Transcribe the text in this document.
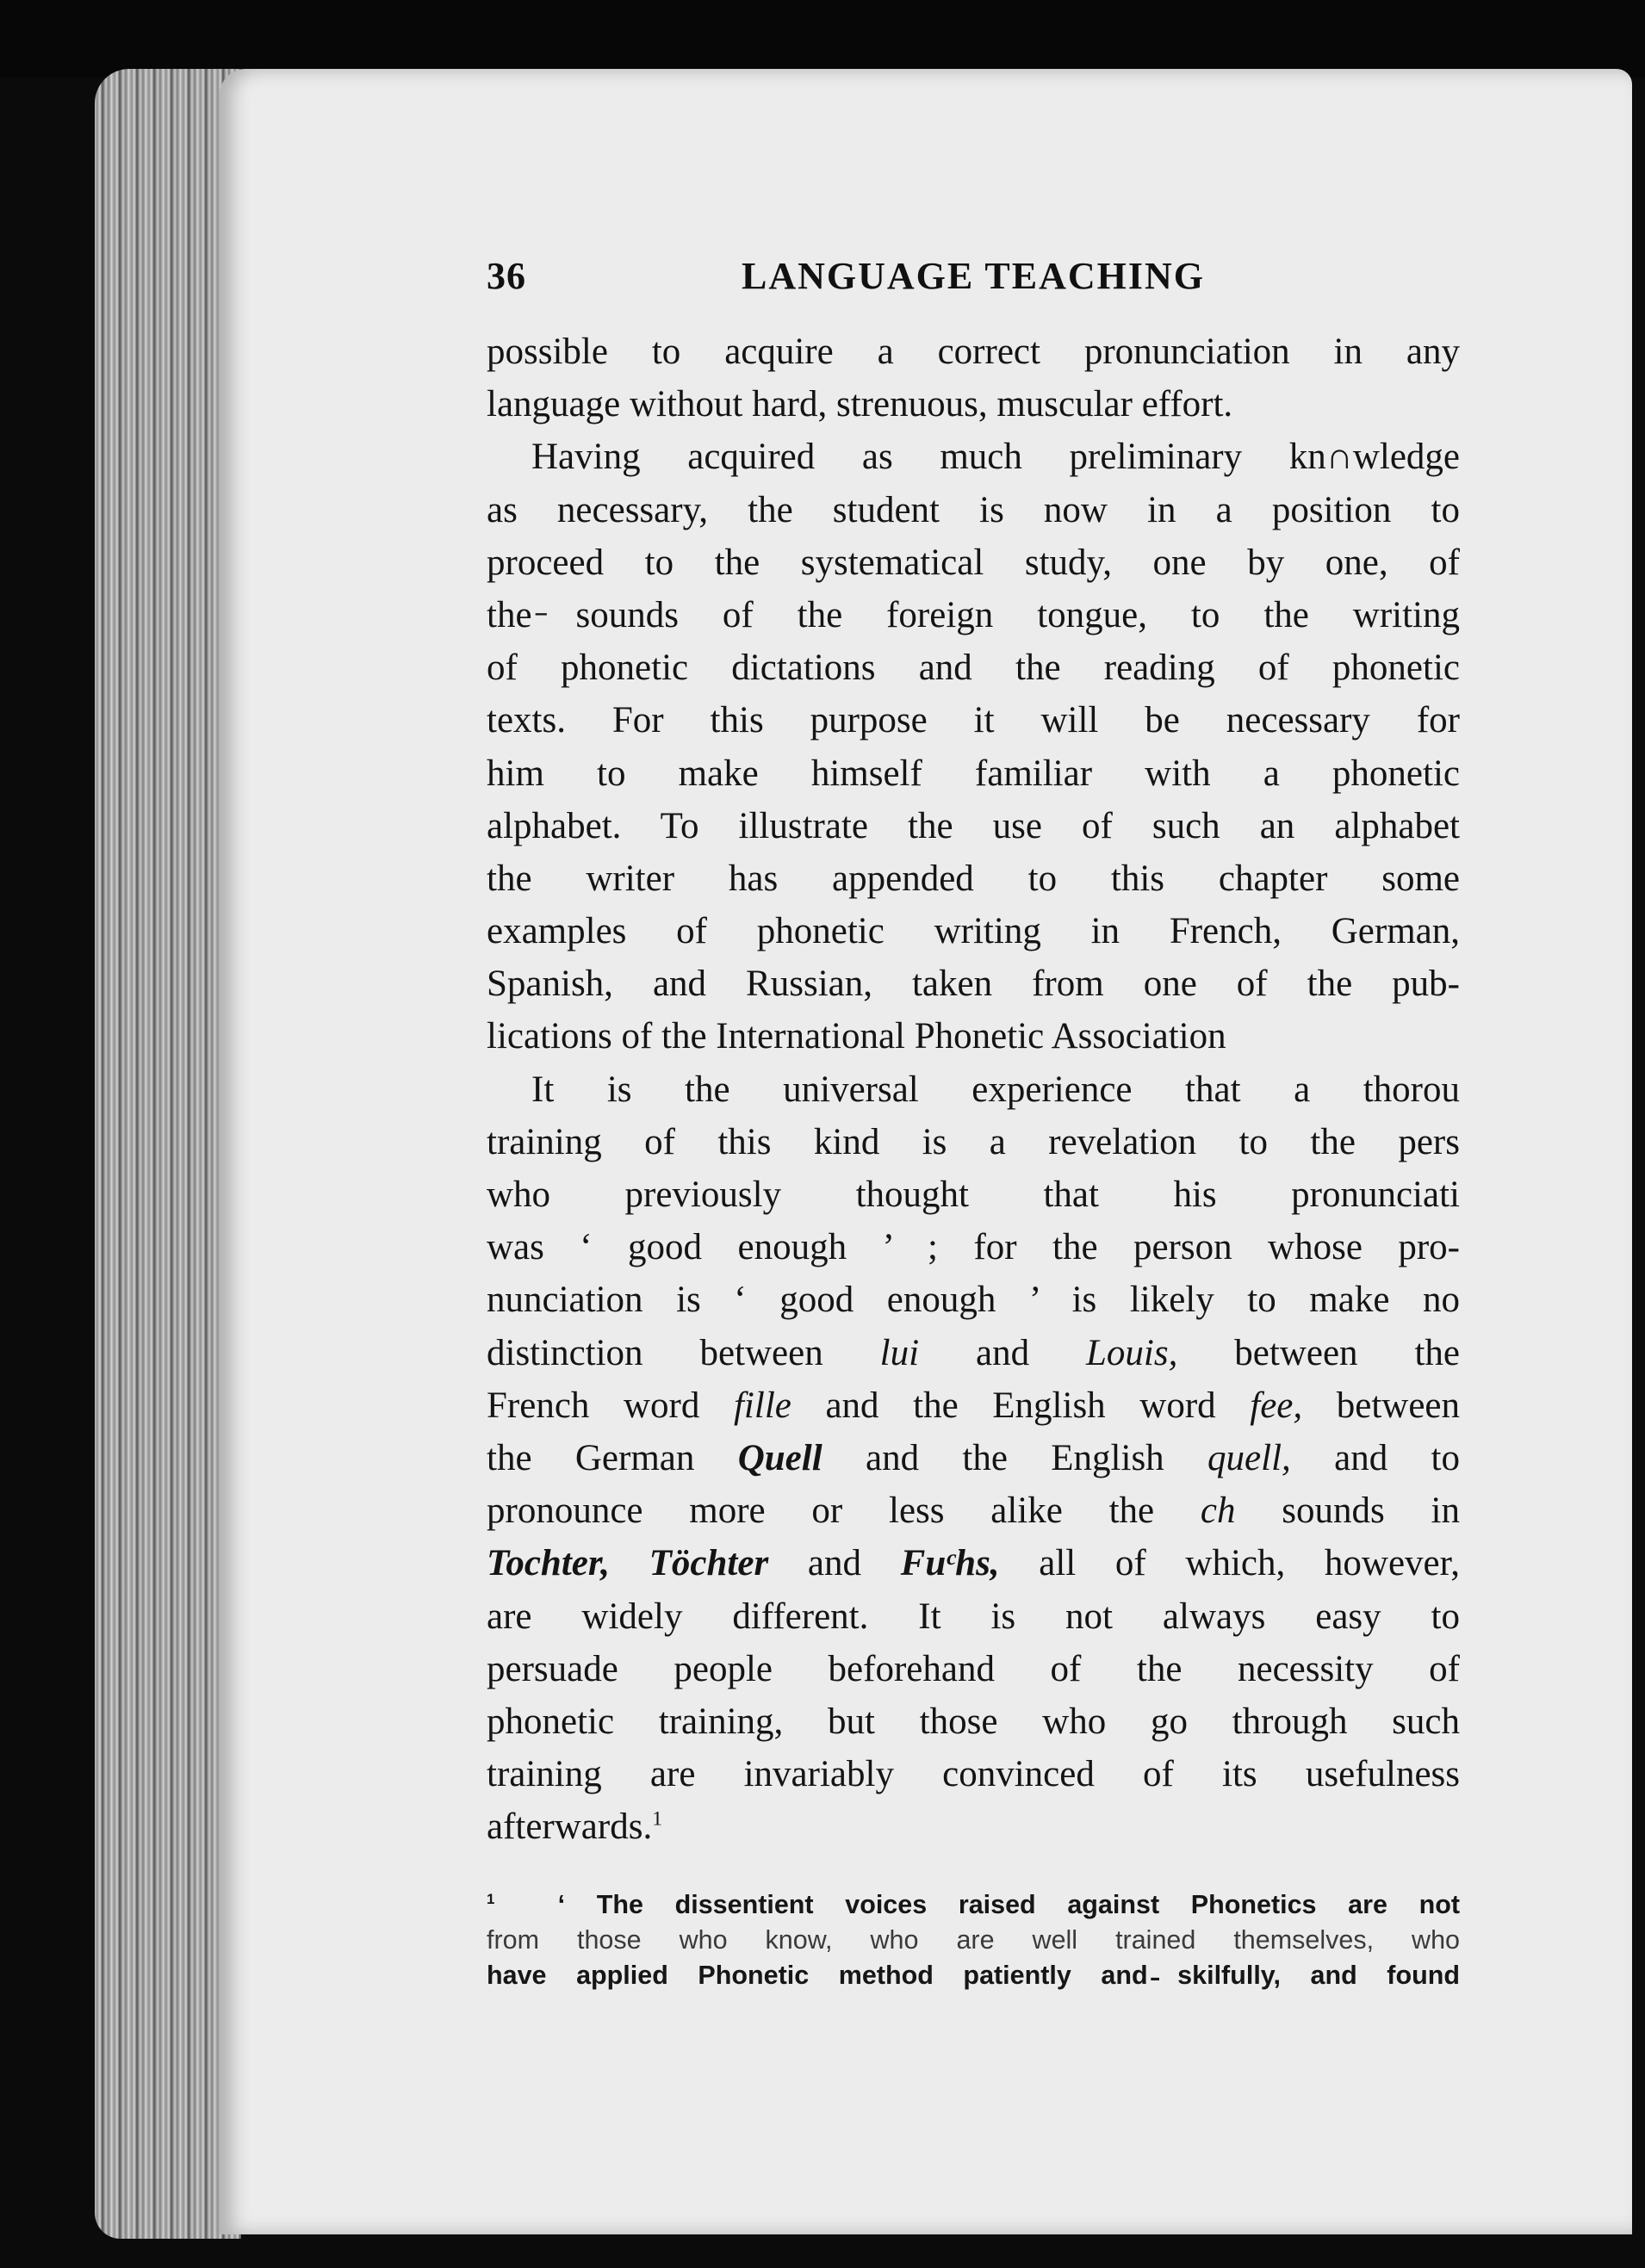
36	LANGUAGE TEACHING
possible to acquire a correct pronunciation in any
language without hard, strenuous, muscular effort.
Having acquired as much preliminary kn∩wledge
as necessary, the student is now in a position to
proceed to the systematical study, one by one, of
the ̵sounds of the foreign tongue, to the writing
of phonetic dictations and the reading of phonetic
texts. For this purpose it will be necessary for
him to make himself familiar with a phonetic
alphabet. To illustrate the use of such an alphabet
the writer has appended to this chapter some
examples of phonetic writing in French, German,
Spanish, and Russian, taken from one of the pub-
lications of the International Phonetic Association
It is the universal experience that a thorou
training of this kind is a revelation to the pers
who previously thought that his pronunciati
was ‘ good enough ’ ; for the person whose pro-
nunciation is ‘ good enough ’ is likely to make no
distinction between lui and Louis, between the
French word fille and the English word fee, between
the German Quell and the English quell, and to
pronounce more or less alike the ch sounds in
Tochter, Töchter and Fuᶜhs, all of which, however,
are widely different. It is not always easy to
persuade people beforehand of the necessity of
phonetic training, but those who go through such
training are invariably convinced of its usefulness
afterwards.$^1$
$^1$ ‘ The dissentient voices raised against Phonetics are not
from those who know, who are well trained themselves, who
have applied Phonetic method patiently and ̵skilfully, and found
